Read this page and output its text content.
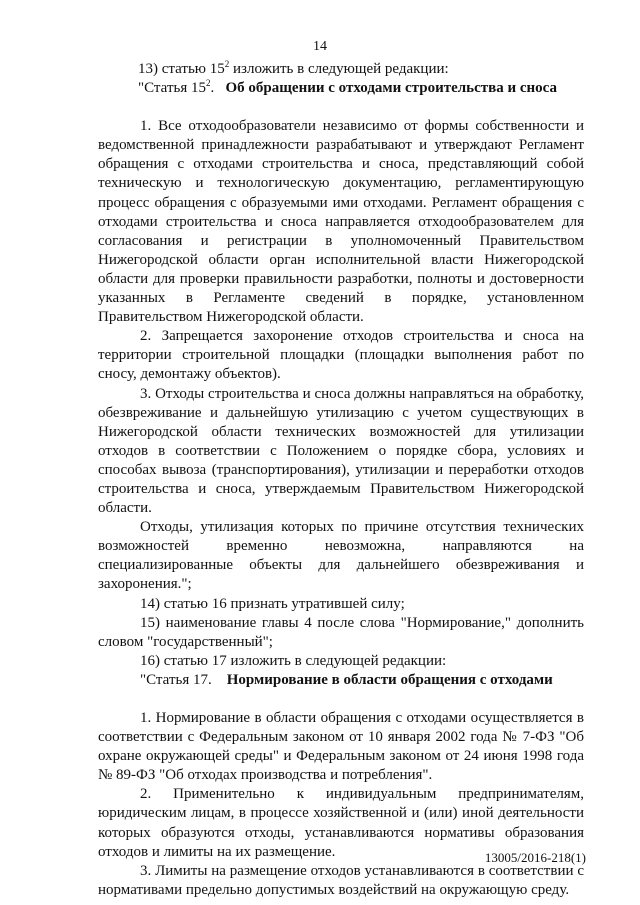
14

13) статью $15^2$ изложить в следующей редакции:

"Статья $15^2$. Об обращении с отходами строительства и сноса

1. Все отходообразователи независимо от формы собственности и ведомственной принадлежности разрабатывают и утверждают Регламент обращения с отходами строительства и сноса, представляющий собой техническую и технологическую документацию, регламентирующую процесс обращения с образуемыми ими отходами. Регламент обращения с отходами строительства и сноса направляется отходообразователем для согласования и регистрации в уполномоченный Правительством Нижегородской области орган исполнительной власти Нижегородской области для проверки правильности разработки, полноты и достоверности указанных в Регламенте сведений в порядке, установленном Правительством Нижегородской области.

2. Запрещается захоронение отходов строительства и сноса на территории строительной площадки (площадки выполнения работ по сносу, демонтажу объектов).

3. Отходы строительства и сноса должны направляться на обработку, обезвреживание и дальнейшую утилизацию с учетом существующих в Нижегородской области технических возможностей для утилизации отходов в соответствии с Положением о порядке сбора, условиях и способах вывоза (транспортирования), утилизации и переработки отходов строительства и сноса, утверждаемым Правительством Нижегородской области.

Отходы, утилизация которых по причине отсутствия технических возможностей временно невозможна, направляются на специализированные объекты для дальнейшего обезвреживания и захоронения.";

14) статью 16 признать утратившей силу;

15) наименование главы 4 после слова "Нормирование," дополнить словом "государственный";

16) статью 17 изложить в следующей редакции:

"Статья 17. Нормирование в области обращения с отходами

1. Нормирование в области обращения с отходами осуществляется в соответствии с Федеральным законом от 10 января 2002 года № 7-ФЗ "Об охране окружающей среды" и Федеральным законом от 24 июня 1998 года № 89-ФЗ "Об отходах производства и потребления".

2. Применительно к индивидуальным предпринимателям, юридическим лицам, в процессе хозяйственной и (или) иной деятельности которых образуются отходы, устанавливаются нормативы образования отходов и лимиты на их размещение.

3. Лимиты на размещение отходов устанавливаются в соответствии с нормативами предельно допустимых воздействий на окружающую среду.

13005/2016-218(1)
